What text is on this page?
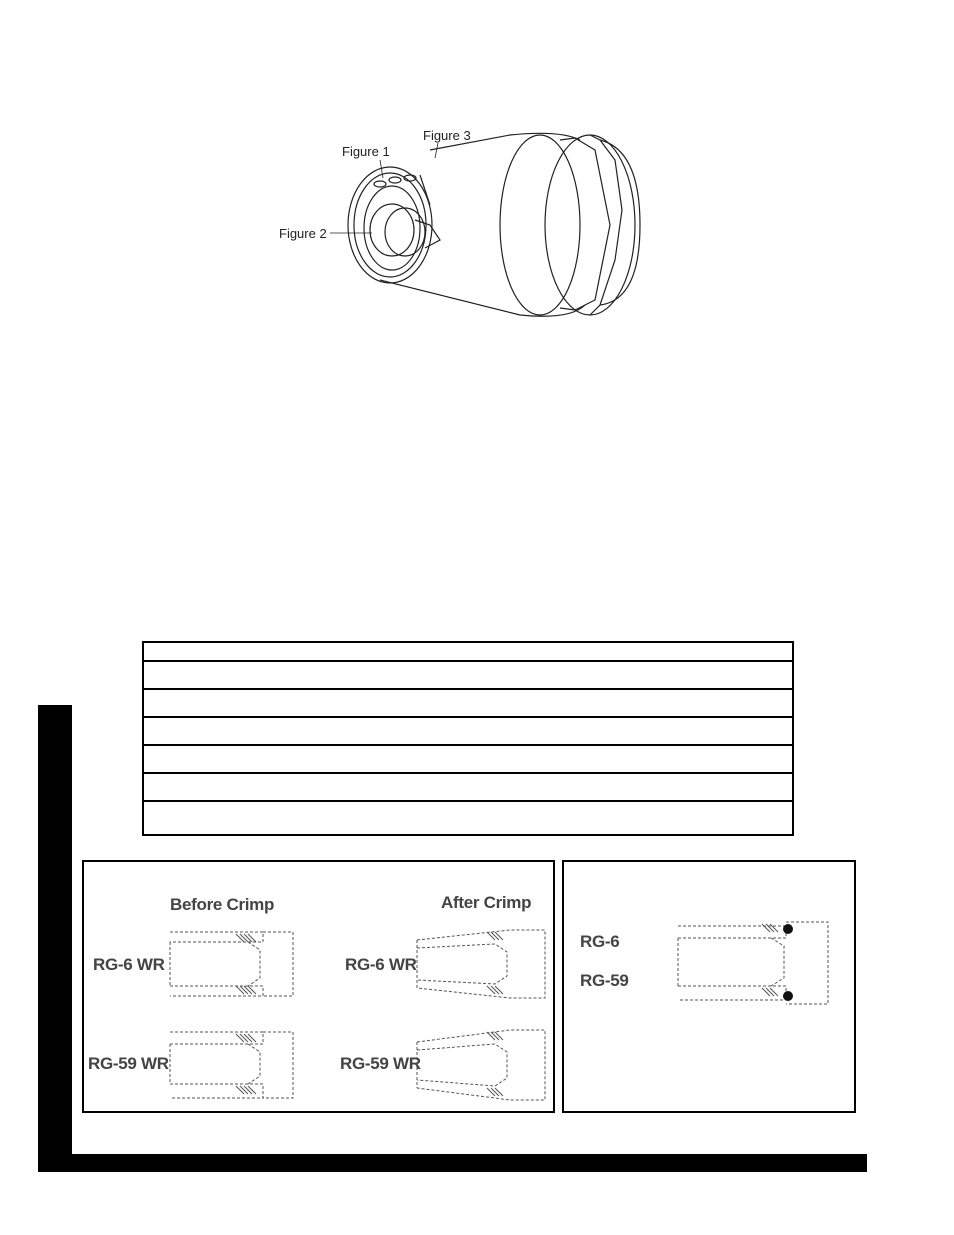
Figure 1
Figure 3
Figure 2
Before Crimp	After Crimp
RG-6 WR
RG-59 WR
RG-6 WR
RG-59 WR
RG-6
RG-59
